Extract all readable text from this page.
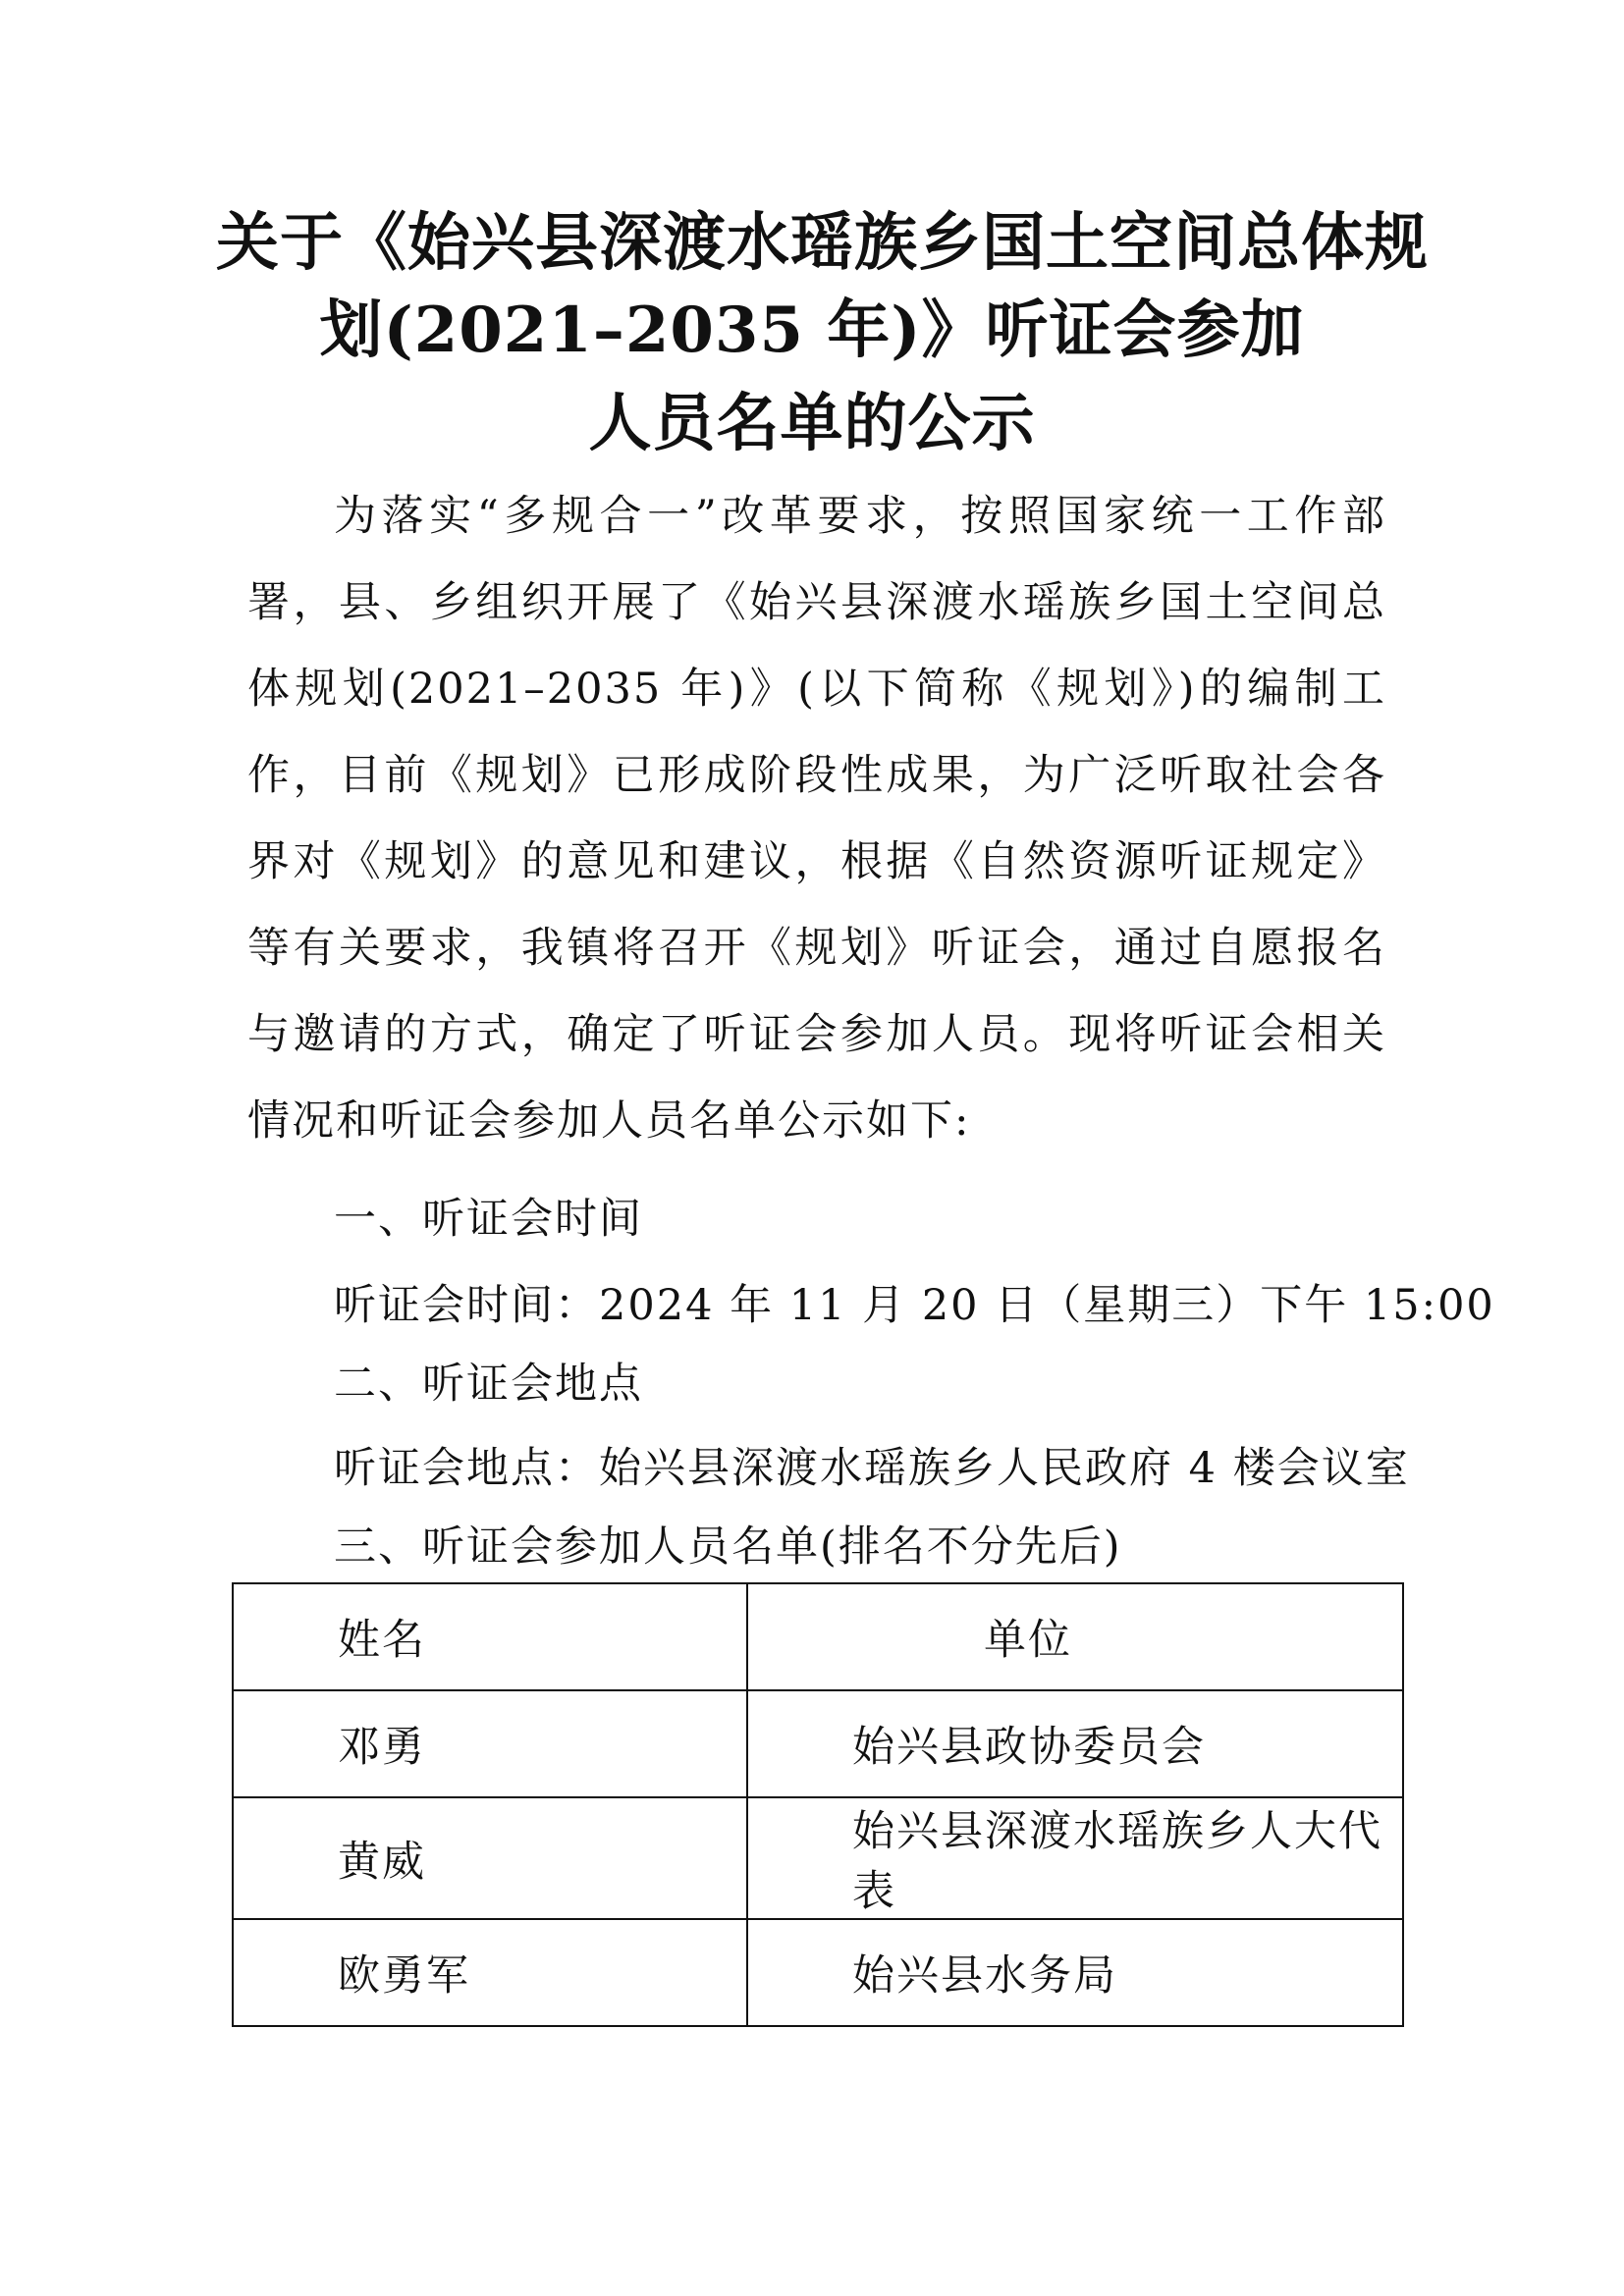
关于《始兴县深渡水瑶族乡国土空间总体规
划(2021–2035 年)》听证会参加
人员名单的公示
为落实“多规合一”改革要求，按照国家统一工作部署，县、乡组织开展了《始兴县深渡水瑶族乡国土空间总体规划(2021–2035 年)》(以下简称《规划》)的编制工作，目前《规划》已形成阶段性成果，为广泛听取社会各界对《规划》的意见和建议，根据《自然资源听证规定》等有关要求，我镇将召开《规划》听证会，通过自愿报名与邀请的方式，确定了听证会参加人员。现将听证会相关情况和听证会参加人员名单公示如下:
一、听证会时间
听证会时间：2024 年 11 月 20 日（星期三）下午 15:00
二、听证会地点
听证会地点：始兴县深渡水瑶族乡人民政府 4 楼会议室
三、听证会参加人员名单(排名不分先后)
姓名	单位
邓勇	始兴县政协委员会
黄威	始兴县深渡水瑶族乡人大代表
欧勇军	始兴县水务局
